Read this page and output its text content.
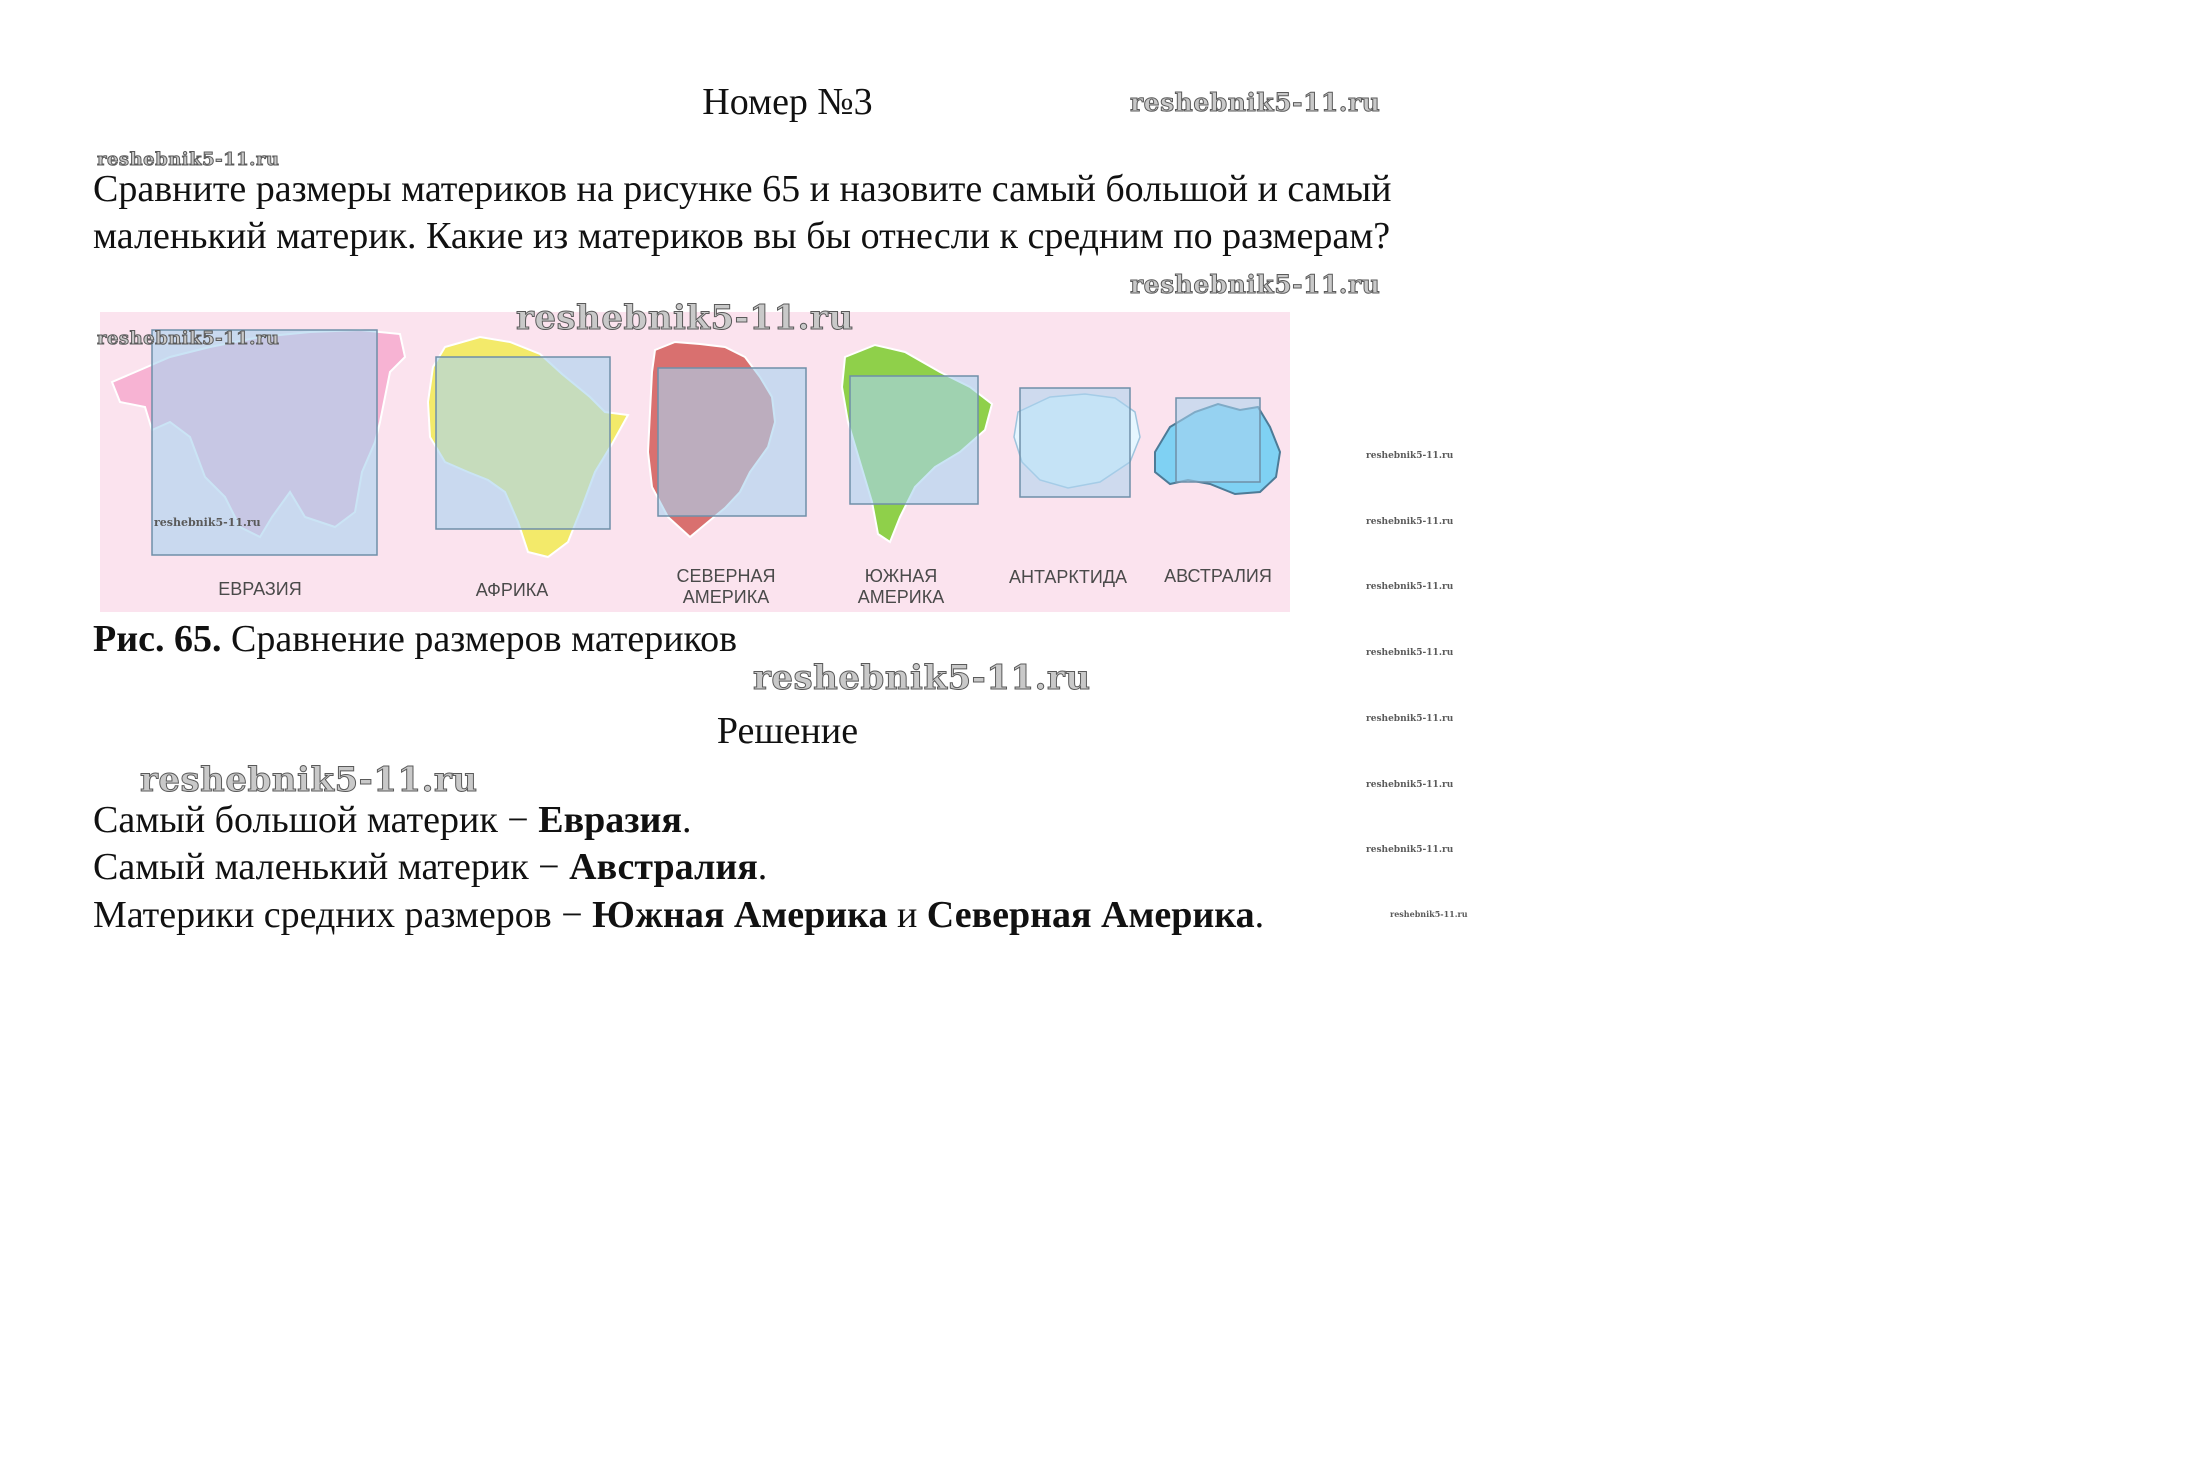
Номер №3	reshebnik5-11.ru
reshebnik5-11.ru
reshebnik5-11.ru
Сравните размеры материков на рисунке 65 и назовите самый большой и самый маленький материк. Какие из материков вы бы отнесли к средним по размерам?
ЕВРАЗИЯ	АФРИКА
СЕВЕРНАЯ
АМЕРИКА
ЮЖНАЯ
АМЕРИКА
АНТАРКТИДА	АВСТРАЛИЯ
reshebnik5-11.ru
reshebnik5-11.ru
reshebnik5-11.ru
reshebnik5-11.ru
reshebnik5-11.ru
reshebnik5-11.ru
reshebnik5-11.ru
reshebnik5-11.ru
reshebnik5-11.ru
reshebnik5-11.ru
reshebnik5-11.ru
Рис. 65. Сравнение размеров материков
reshebnik5-11.ru
Решение
reshebnik5-11.ru
Самый большой материк − Евразия.
Самый маленький материк − Австралия.
Материки средних размеров − Южная Америка и Северная Америка.
